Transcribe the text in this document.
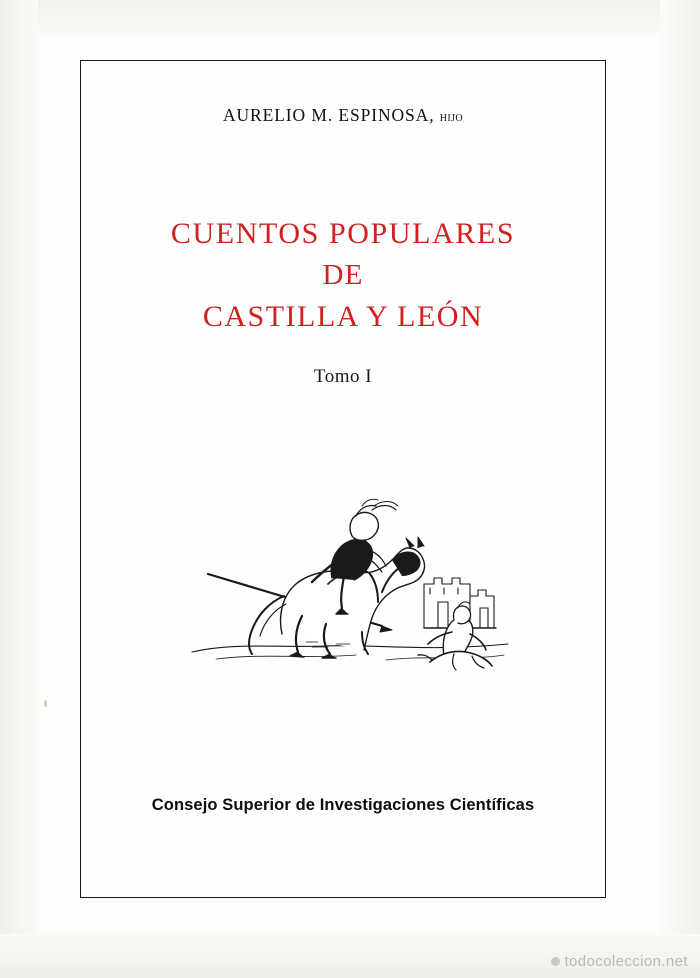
AURELIO M. ESPINOSA, hijo
CUENTOS POPULARES
DE
CASTILLA Y LEÓN
Tomo I
Consejo Superior de Investigaciones Científicas
todocoleccion.net
